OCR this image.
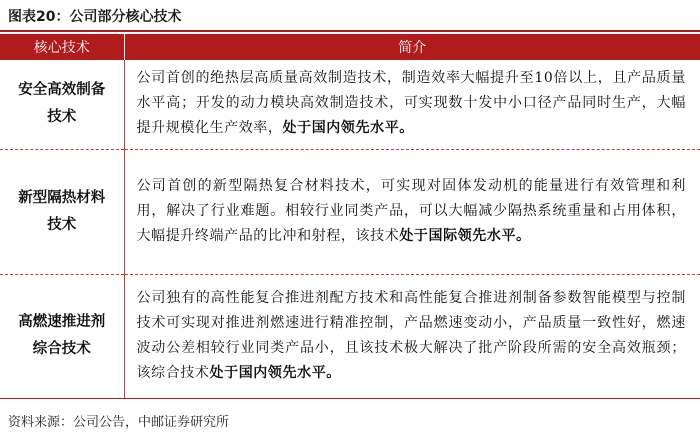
图表20：公司部分核心技术
核心技术	简介
安全高效制备技术	公司首创的绝热层高质量高效制造技术，制造效率大幅提升至10倍以上，且产品质量水平高；开发的动力模块高效制造技术，可实现数十发中小口径产品同时生产，大幅提升规模化生产效率，处于国内领先水平。
新型隔热材料技术	公司首创的新型隔热复合材料技术，可实现对固体发动机的能量进行有效管理和利用，解决了行业难题。相较行业同类产品，可以大幅减少隔热系统重量和占用体积，大幅提升终端产品的比冲和射程，该技术处于国际领先水平。
高燃速推进剂综合技术	公司独有的高性能复合推进剂配方技术和高性能复合推进剂制备参数智能模型与控制技术可实现对推进剂燃速进行精准控制，产品燃速变动小，产品质量一致性好，燃速波动公差相较行业同类产品小，且该技术极大解决了批产阶段所需的安全高效瓶颈；该综合技术处于国内领先水平。
资料来源：公司公告，中邮证券研究所
